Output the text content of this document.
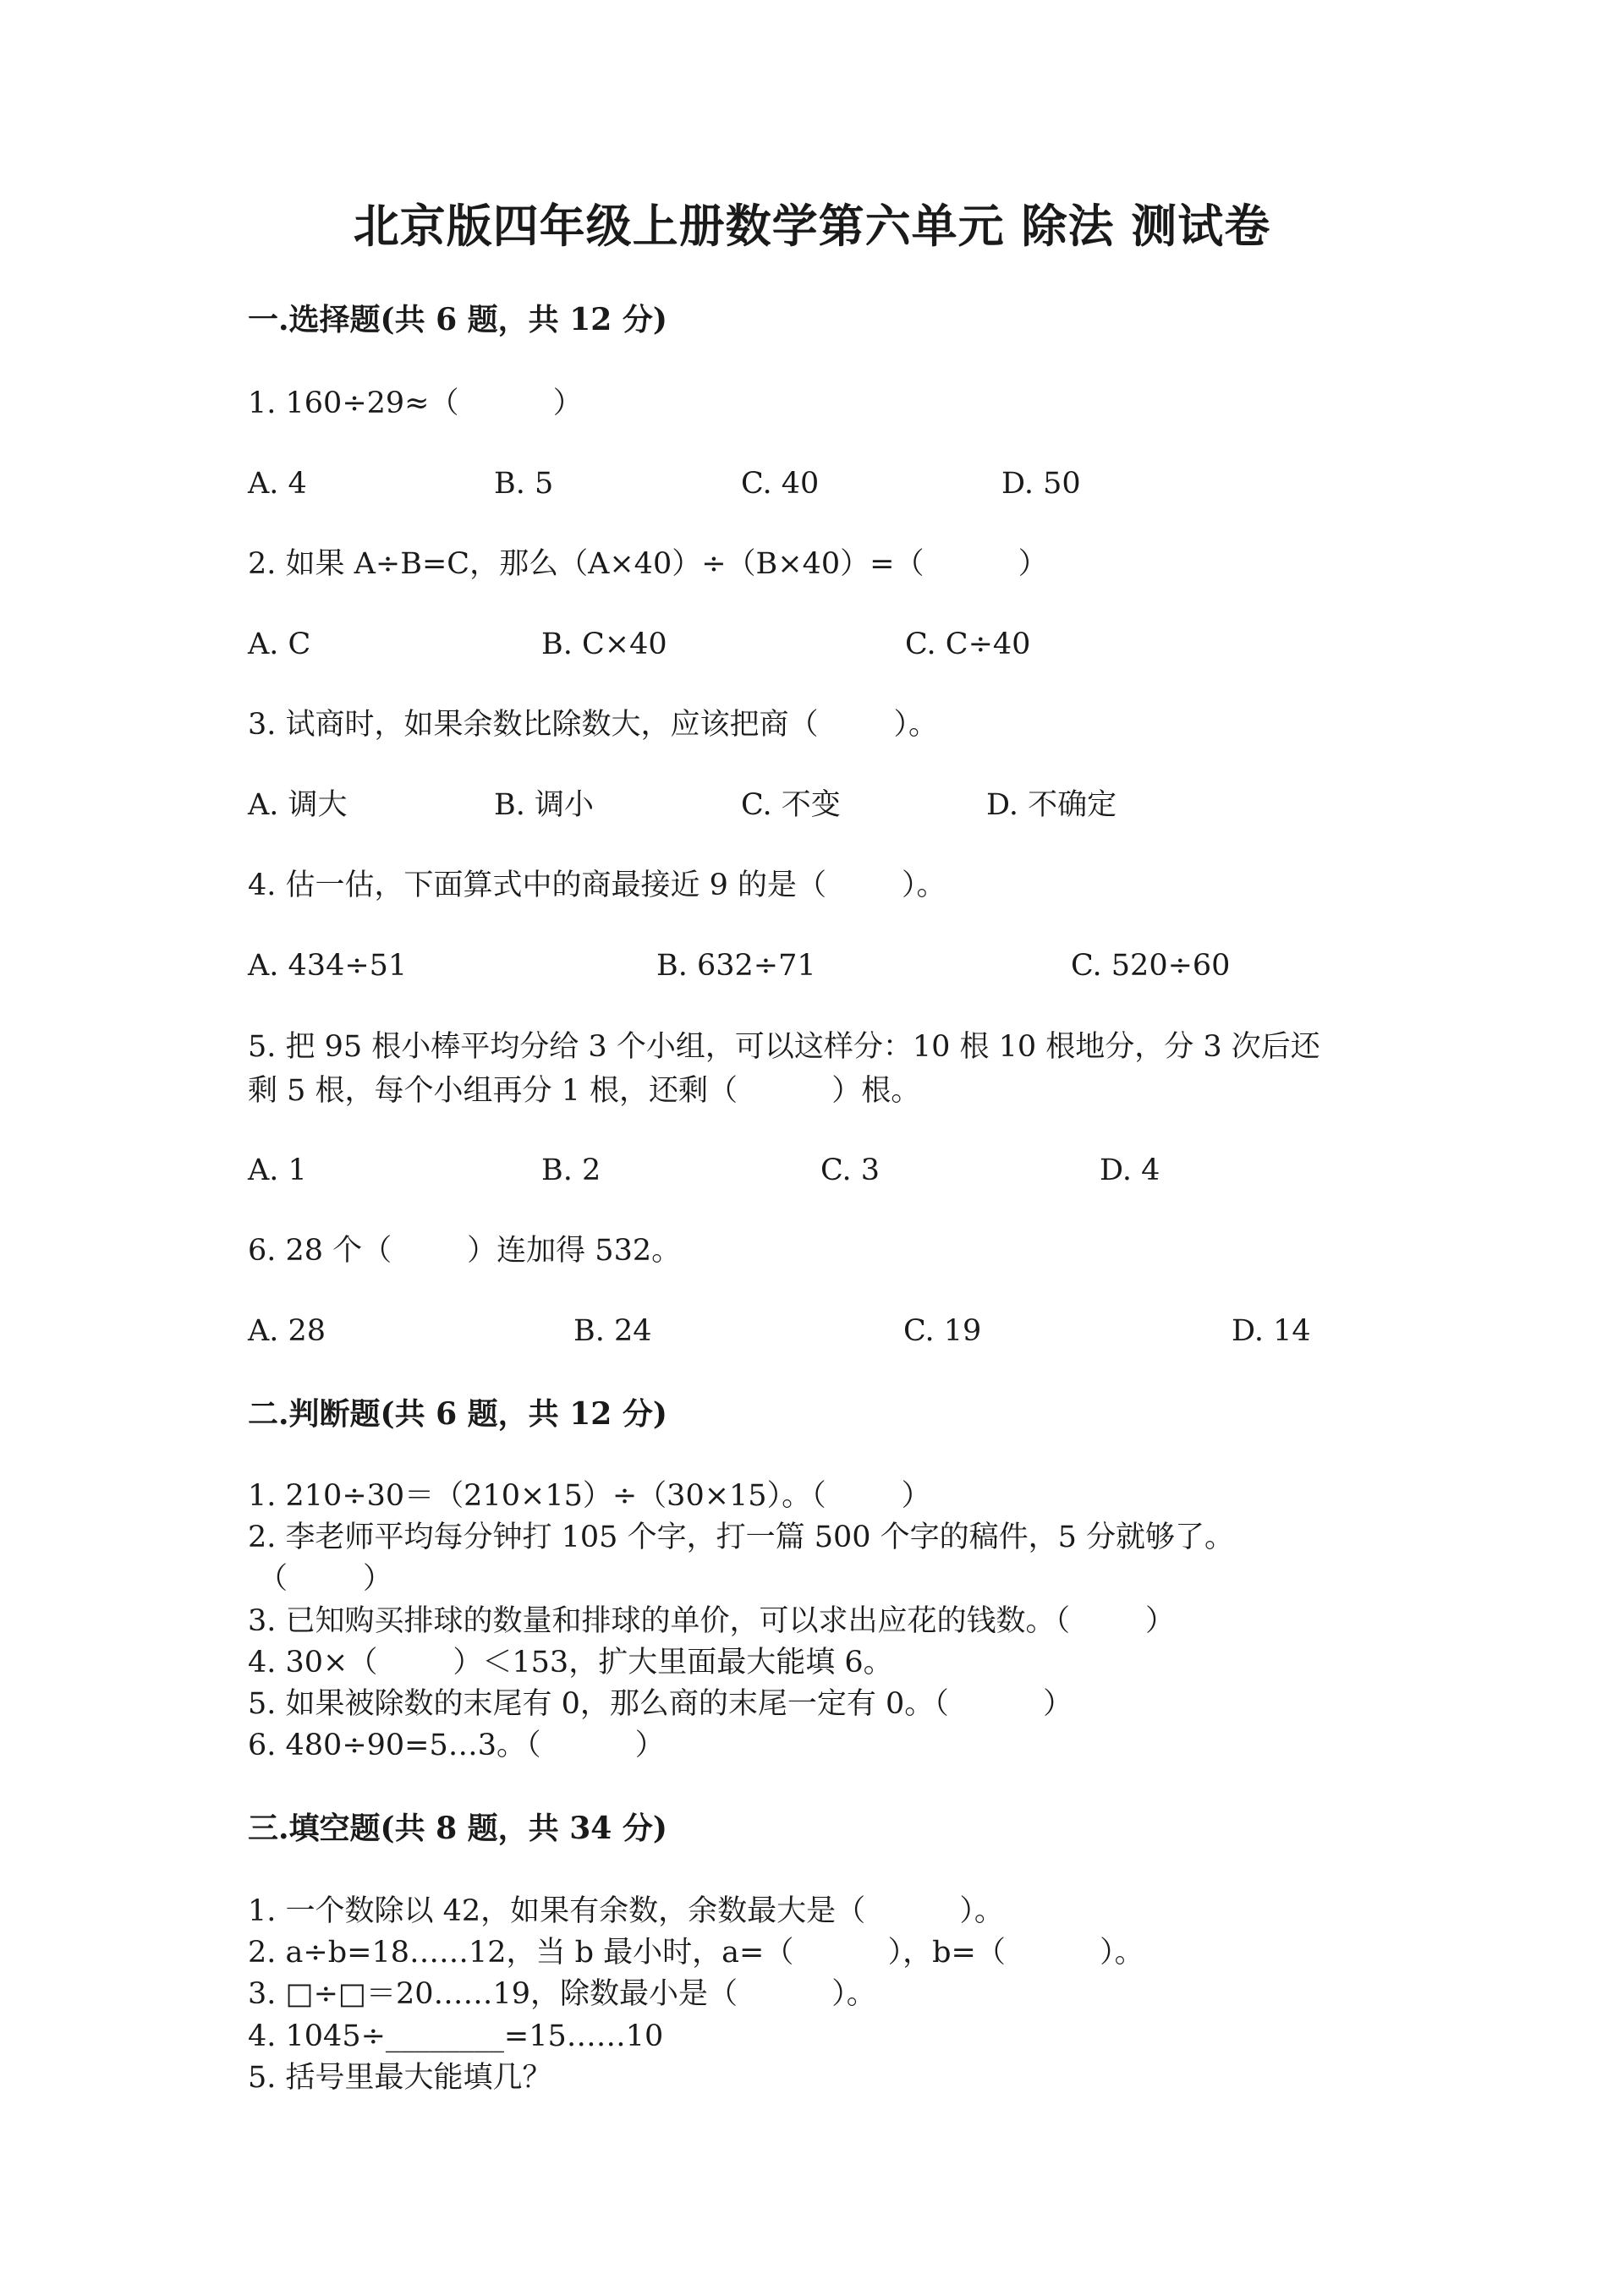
北京版四年级上册数学第六单元 除法 测试卷
一.选择题(共 6 题，共 12 分)
1. 160÷29≈（          ）
A. 4	B. 5	C. 40	D. 50
2. 如果 A÷B=C，那么（A×40）÷（B×40）=（          ）
A. C	B. C×40	C. C÷40
3. 试商时，如果余数比除数大，应该把商（        ）。
A. 调大	B. 调小	C. 不变	D. 不确定
4. 估一估，下面算式中的商最接近 9 的是（        ）。
A. 434÷51	B. 632÷71	C. 520÷60
5. 把 95 根小棒平均分给 3 个小组，可以这样分：10 根 10 根地分，分 3 次后还
剩 5 根，每个小组再分 1 根，还剩（          ）根。
A. 1	B. 2	C. 3	D. 4
6. 28 个（        ）连加得 532。
A. 28	B. 24	C. 19	D. 14
二.判断题(共 6 题，共 12 分)
1. 210÷30＝（210×15）÷（30×15）。（        ）
2. 李老师平均每分钟打 105 个字，打一篇 500 个字的稿件，5 分就够了。
（        ）
3. 已知购买排球的数量和排球的单价，可以求出应花的钱数。（        ）
4. 30×（        ）＜153，扩大里面最大能填 6。
5. 如果被除数的末尾有 0，那么商的末尾一定有 0。（          ）
6. 480÷90=5…3。（          ）
三.填空题(共 8 题，共 34 分)
1. 一个数除以 42，如果有余数，余数最大是（          ）。
2. a÷b=18……12，当 b 最小时，a=（          ），b=（          ）。
3. □÷□＝20……19，除数最小是（          ）。
4. 1045÷________=15……10
5. 括号里最大能填几？
